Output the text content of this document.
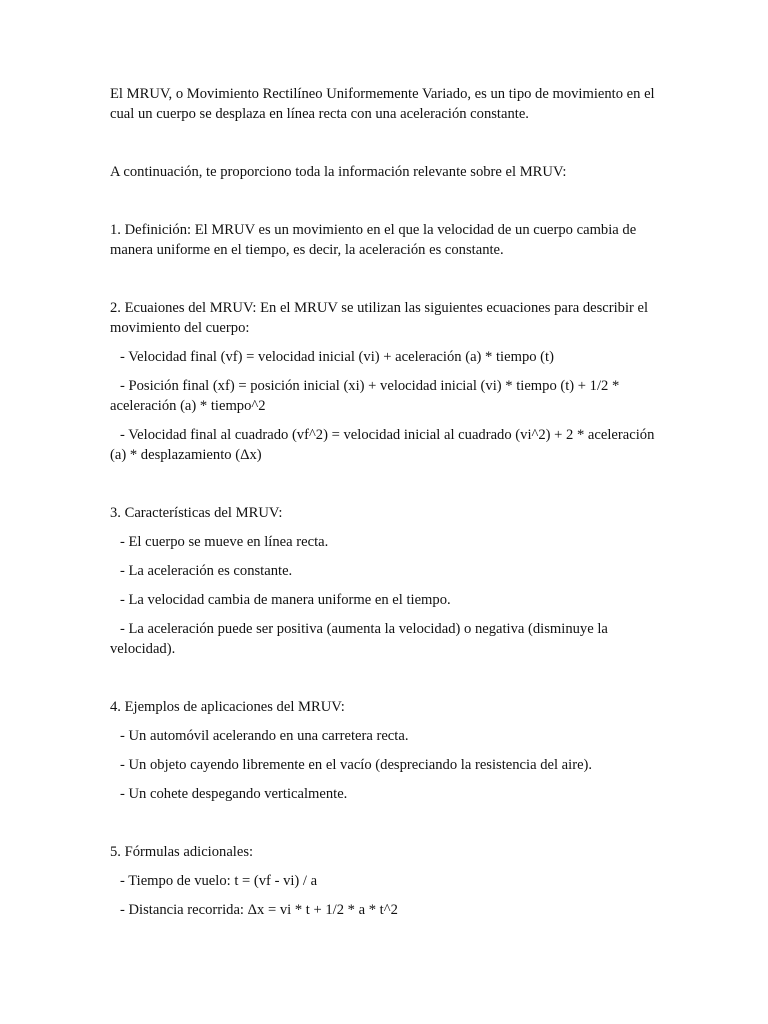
El MRUV, o Movimiento Rectilíneo Uniformemente Variado, es un tipo de movimiento en el cual un cuerpo se desplaza en línea recta con una aceleración constante.

A continuación, te proporciono toda la información relevante sobre el MRUV:

1. Definición: El MRUV es un movimiento en el que la velocidad de un cuerpo cambia de manera uniforme en el tiempo, es decir, la aceleración es constante.

2. Ecuaiones del MRUV: En el MRUV se utilizan las siguientes ecuaciones para describir el movimiento del cuerpo:

- Velocidad final (vf) = velocidad inicial (vi) + aceleración (a) * tiempo (t)

- Posición final (xf) = posición inicial (xi) + velocidad inicial (vi) * tiempo (t) + 1/2 * aceleración (a) * tiempo^2

- Velocidad final al cuadrado (vf^2) = velocidad inicial al cuadrado (vi^2) + 2 * aceleración (a) * desplazamiento (Δx)

3. Características del MRUV:

- El cuerpo se mueve en línea recta.

- La aceleración es constante.

- La velocidad cambia de manera uniforme en el tiempo.

- La aceleración puede ser positiva (aumenta la velocidad) o negativa (disminuye la velocidad).

4. Ejemplos de aplicaciones del MRUV:

- Un automóvil acelerando en una carretera recta.

- Un objeto cayendo libremente en el vacío (despreciando la resistencia del aire).

- Un cohete despegando verticalmente.

5. Fórmulas adicionales:

- Tiempo de vuelo: t = (vf - vi) / a

- Distancia recorrida: Δx = vi * t + 1/2 * a * t^2
